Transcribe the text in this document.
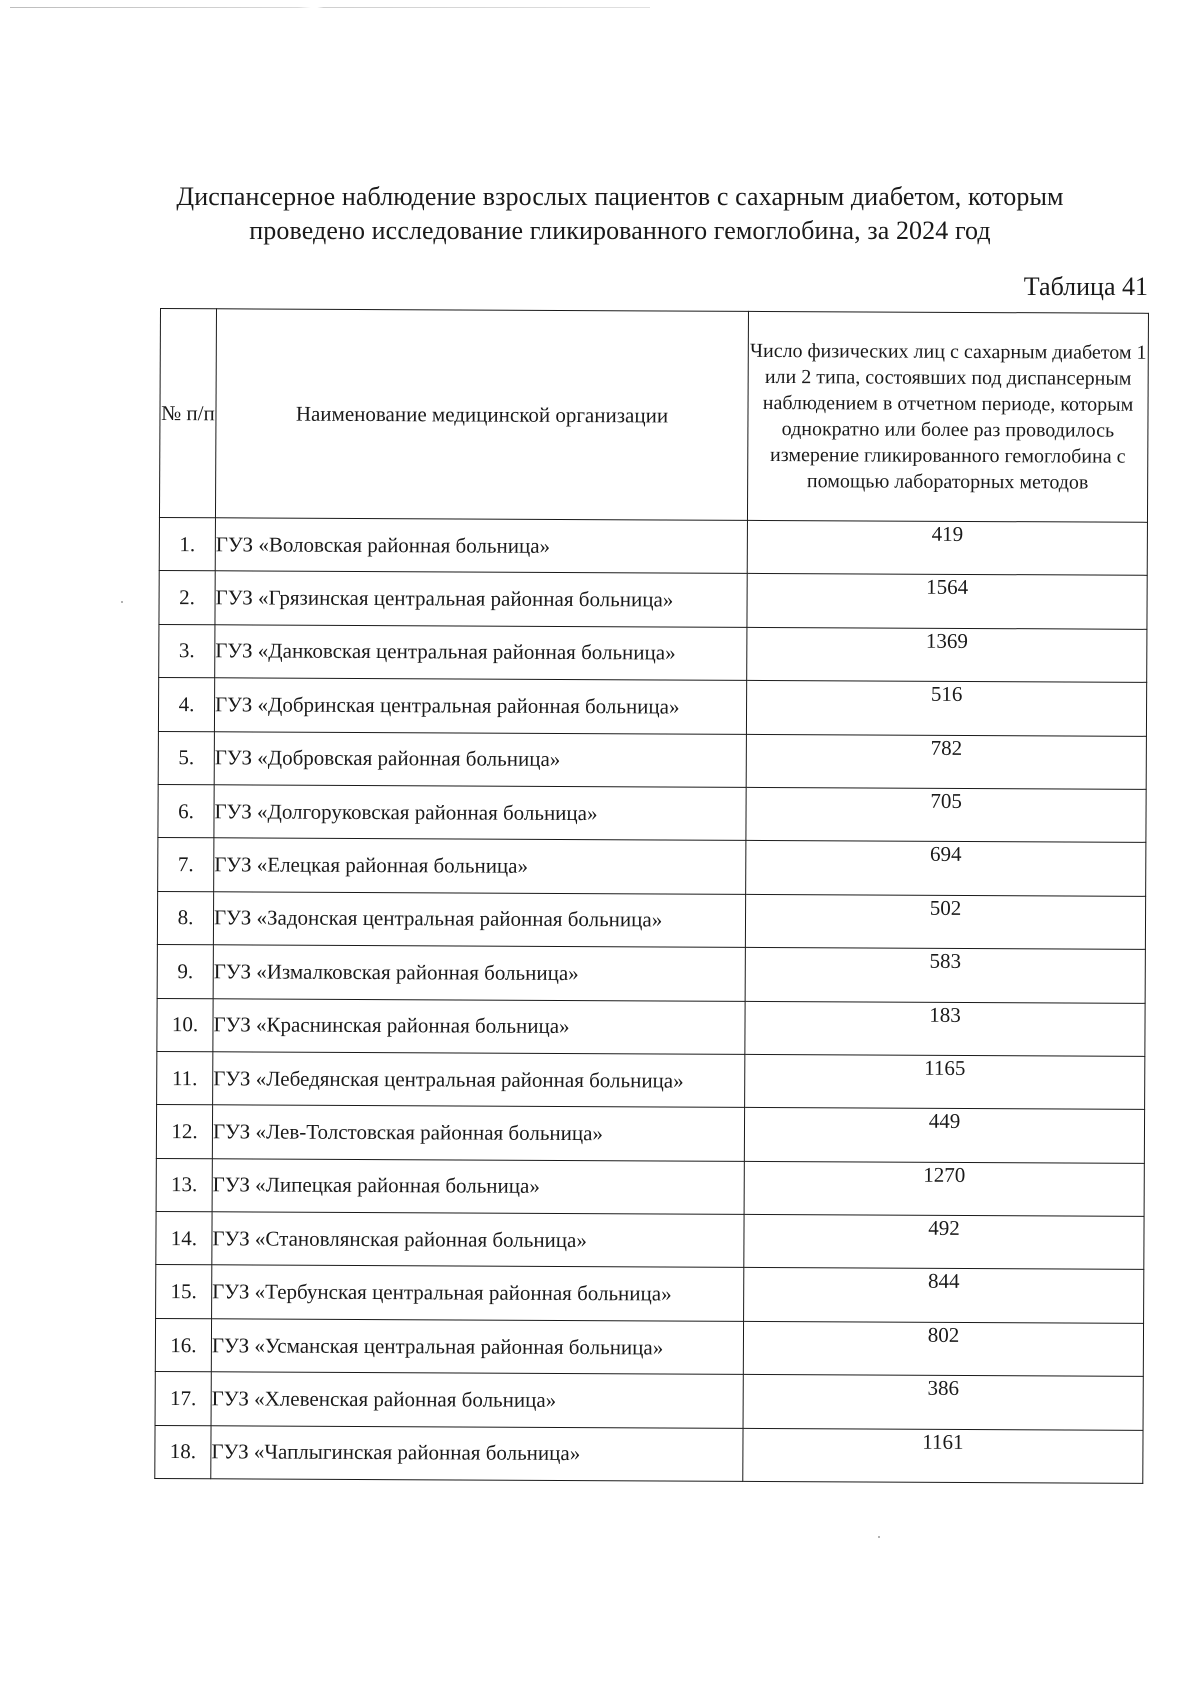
Диспансерное наблюдение взрослых пациентов с сахарным диабетом, которым
проведено исследование гликированного гемоглобина, за 2024 год
Таблица 41
№ п/п	Наименование медицинской организации	Число физических лиц с сахарным диабетом 1 или 2 типа, состоявших под диспансерным наблюдением в отчетном периоде, которым однократно или более раз проводилось измерение гликированного гемоглобина с помощью лабораторных методов
1.	ГУЗ «Воловская районная больница»	419
2.	ГУЗ «Грязинская центральная районная больница»	1564
3.	ГУЗ «Данковская центральная районная больница»	1369
4.	ГУЗ «Добринская центральная районная больница»	516
5.	ГУЗ «Добровская районная больница»	782
6.	ГУЗ «Долгоруковская районная больница»	705
7.	ГУЗ «Елецкая районная больница»	694
8.	ГУЗ «Задонская центральная районная больница»	502
9.	ГУЗ «Измалковская районная больница»	583
10.	ГУЗ «Краснинская районная больница»	183
11.	ГУЗ «Лебедянская центральная районная больница»	1165
12.	ГУЗ «Лев-Толстовская районная больница»	449
13.	ГУЗ «Липецкая районная больница»	1270
14.	ГУЗ «Становлянская районная больница»	492
15.	ГУЗ «Тербунская центральная районная больница»	844
16.	ГУЗ «Усманская центральная районная больница»	802
17.	ГУЗ «Хлевенская районная больница»	386
18.	ГУЗ «Чаплыгинская районная больница»	1161
